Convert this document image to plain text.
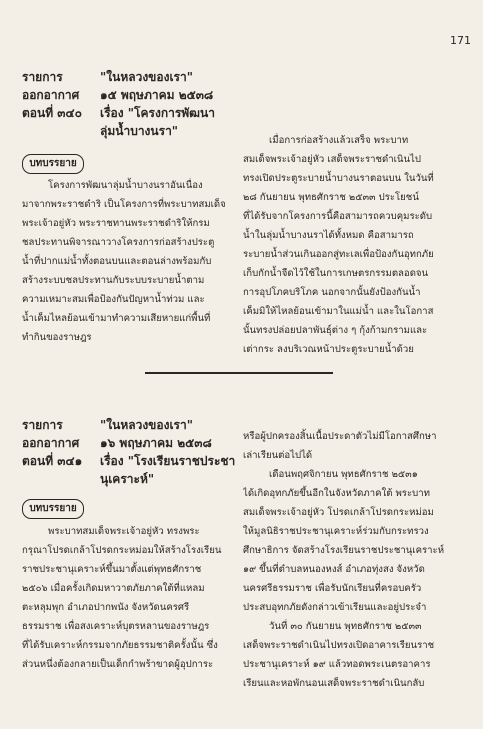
171
รายการ
ออกอากาศ
ตอนที่ ๓๔๐
"ในหลวงของเรา"
๑๕ พฤษภาคม ๒๕๓๘
เรื่อง "โครงการพัฒนา
ลุ่มน้ำบางนรา"
บทบรรยาย
โครงการพัฒนาลุ่มน้ำบางนราอันเนื่อง
มาจากพระราชดำริ เป็นโครงการที่พระบาทสมเด็จ
พระเจ้าอยู่หัว พระราชทานพระราชดำริให้กรม
ชลประทานพิจารณาวางโครงการก่อสร้างประตู
น้ำที่ปากแม่น้ำทั้งตอนบนและตอนล่างพร้อมกับ
สร้างระบบชลประทานกับระบบระบายน้ำตาม
ความเหมาะสมเพื่อป้องกันปัญหาน้ำท่วม และ
น้ำเค็มไหลย้อนเข้ามาทำความเสียหายแก่พื้นที่
ทำกินของราษฎร
เมื่อการก่อสร้างแล้วเสร็จ พระบาท
สมเด็จพระเจ้าอยู่หัว เสด็จพระราชดำเนินไป
ทรงเปิดประตูระบายน้ำบางนราตอนบน ในวันที่
๒๘ กันยายน พุทธศักราช ๒๕๓๓ ประโยชน์
ที่ได้รับจากโครงการนี้คือสามารถควบคุมระดับ
น้ำในลุ่มน้ำบางนราได้ทั้งหมด คือสามารถ
ระบายน้ำส่วนเกินออกสู่ทะเลเพื่อป้องกันอุทกภัย
เก็บกักน้ำจืดไว้ใช้ในการเกษตรกรรมตลอดจน
การอุปโภคบริโภค นอกจากนั้นยังป้องกันน้ำ
เค็มมิให้ไหลย้อนเข้ามาในแม่น้ำ และในโอกาส
นั้นทรงปล่อยปลาพันธุ์ต่าง ๆ กุ้งก้ามกรามและ
เต่ากระ ลงบริเวณหน้าประตูระบายน้ำด้วย
รายการ
ออกอากาศ
ตอนที่ ๓๔๑
"ในหลวงของเรา"
๑๖ พฤษภาคม ๒๕๓๘
เรื่อง "โรงเรียนราชประชา
นุเคราะห์"
บทบรรยาย
พระบาทสมเด็จพระเจ้าอยู่หัว ทรงพระ
กรุณาโปรดเกล้าโปรดกระหม่อมให้สร้างโรงเรียน
ราชประชานุเคราะห์ขึ้นมาตั้งแต่พุทธศักราช
๒๕๐๖ เมื่อครั้งเกิดมหาวาตภัยภาคใต้ที่แหลม
ตะหลุมพุก อำเภอปากพนัง จังหวัดนครศรี
ธรรมราช เพื่อสงเคราะห์บุตรหลานของราษฎร
ที่ได้รับเคราะห์กรรมจากภัยธรรมชาติครั้งนั้น ซึ่ง
ส่วนหนึ่งต้องกลายเป็นเด็กกำพร้าขาดผู้อุปการะ
หรือผู้ปกครองสิ้นเนื้อประดาตัวไม่มีโอกาสศึกษา
เล่าเรียนต่อไปได้
เดือนพฤศจิกายน พุทธศักราช ๒๕๓๑
ได้เกิดอุทกภัยขึ้นอีกในจังหวัดภาคใต้ พระบาท
สมเด็จพระเจ้าอยู่หัว โปรดเกล้าโปรดกระหม่อม
ให้มูลนิธิราชประชานุเคราะห์ร่วมกับกระทรวง
ศึกษาธิการ จัดสร้างโรงเรียนราชประชานุเคราะห์
๑๙ ขึ้นที่ตำบลหนองหงส์ อำเภอทุ่งสง จังหวัด
นครศรีธรรมราช เพื่อรับนักเรียนที่ครอบครัว
ประสบอุทกภัยดังกล่าวเข้าเรียนและอยู่ประจำ
วันที่ ๓๐ กันยายน พุทธศักราช ๒๕๓๓
เสด็จพระราชดำเนินไปทรงเปิดอาคารเรียนราช
ประชานุเคราะห์ ๑๙ แล้วทอดพระเนตรอาคาร
เรียนและหอพักนอนเสด็จพระราชดำเนินกลับ
